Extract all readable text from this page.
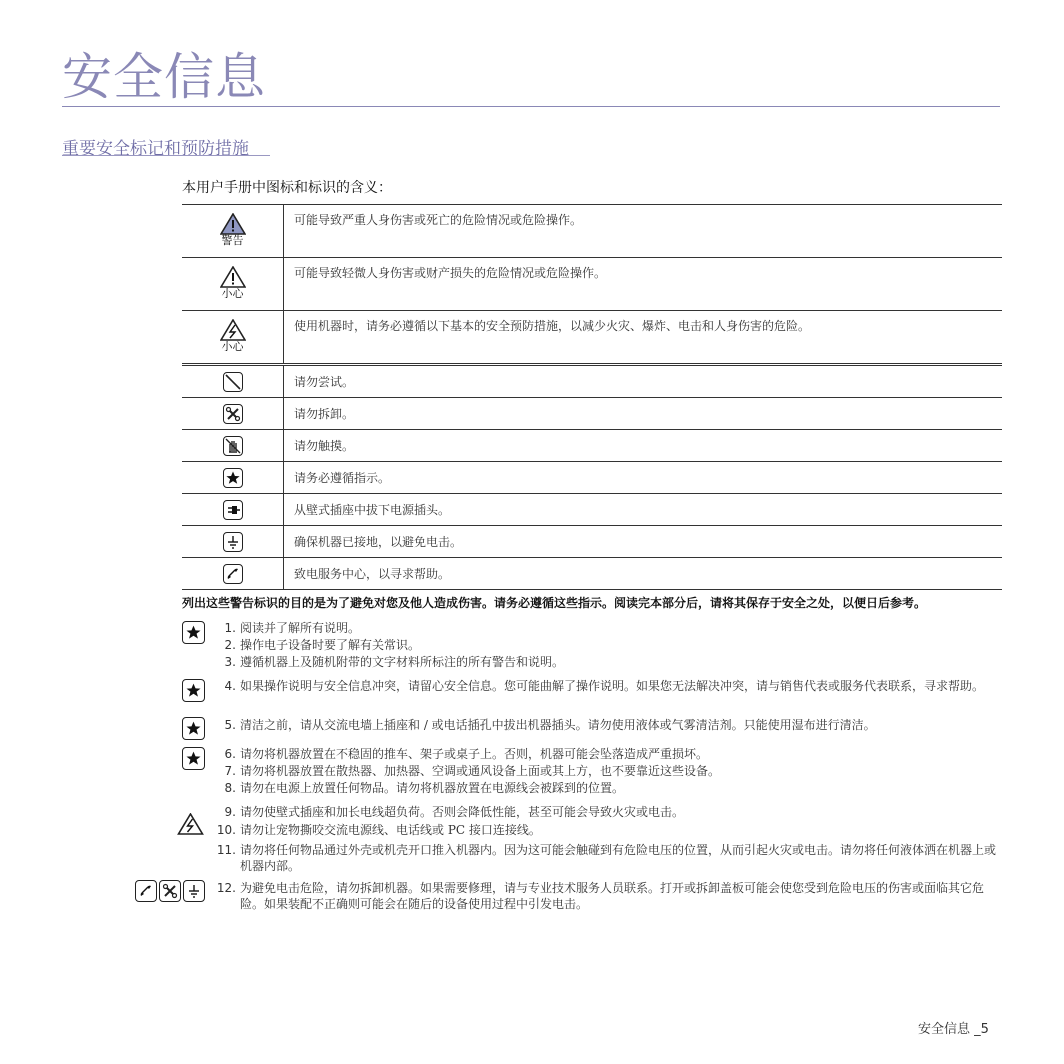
安全信息
重要安全标记和预防措施
本用户手册中图标和标识的含义：
警告
可能导致严重人身伤害或死亡的危险情况或危险操作。
小心
可能导致轻微人身伤害或财产损失的危险情况或危险操作。
小心
使用机器时，请务必遵循以下基本的安全预防措施，以减少火灾、爆炸、电击和人身伤害的危险。
请勿尝试。
请勿拆卸。
请勿触摸。
请务必遵循指示。
从壁式插座中拔下电源插头。
确保机器已接地，以避免电击。
致电服务中心，以寻求帮助。
列出这些警告标识的目的是为了避免对您及他人造成伤害。请务必遵循这些指示。阅读完本部分后，请将其保存于安全之处，以便日后参考。
1. 阅读并了解所有说明。
2. 操作电子设备时要了解有关常识。
3. 遵循机器上及随机附带的文字材料所标注的所有警告和说明。
4. 如果操作说明与安全信息冲突，请留心安全信息。您可能曲解了操作说明。如果您无法解决冲突，请与销售代表或服务代表联系，寻求帮助。
5. 清洁之前，请从交流电墙上插座和 / 或电话插孔中拔出机器插头。请勿使用液体或气雾清洁剂。只能使用湿布进行清洁。
6. 请勿将机器放置在不稳固的推车、架子或桌子上。否则，机器可能会坠落造成严重损坏。
7. 请勿将机器放置在散热器、加热器、空调或通风设备上面或其上方，也不要靠近这些设备。
8. 请勿在电源上放置任何物品。请勿将机器放置在电源线会被踩到的位置。
9. 请勿使壁式插座和加长电线超负荷。否则会降低性能，甚至可能会导致火灾或电击。
10. 请勿让宠物撕咬交流电源线、电话线或 PC 接口连接线。
11. 请勿将任何物品通过外壳或机壳开口推入机器内。因为这可能会触碰到有危险电压的位置，从而引起火灾或电击。请勿将任何液体洒在机器上或机器内部。
12. 为避免电击危险，请勿拆卸机器。如果需要修理，请与专业技术服务人员联系。打开或拆卸盖板可能会使您受到危险电压的伤害或面临其它危险。如果装配不正确则可能会在随后的设备使用过程中引发电击。
安全信息 _5
